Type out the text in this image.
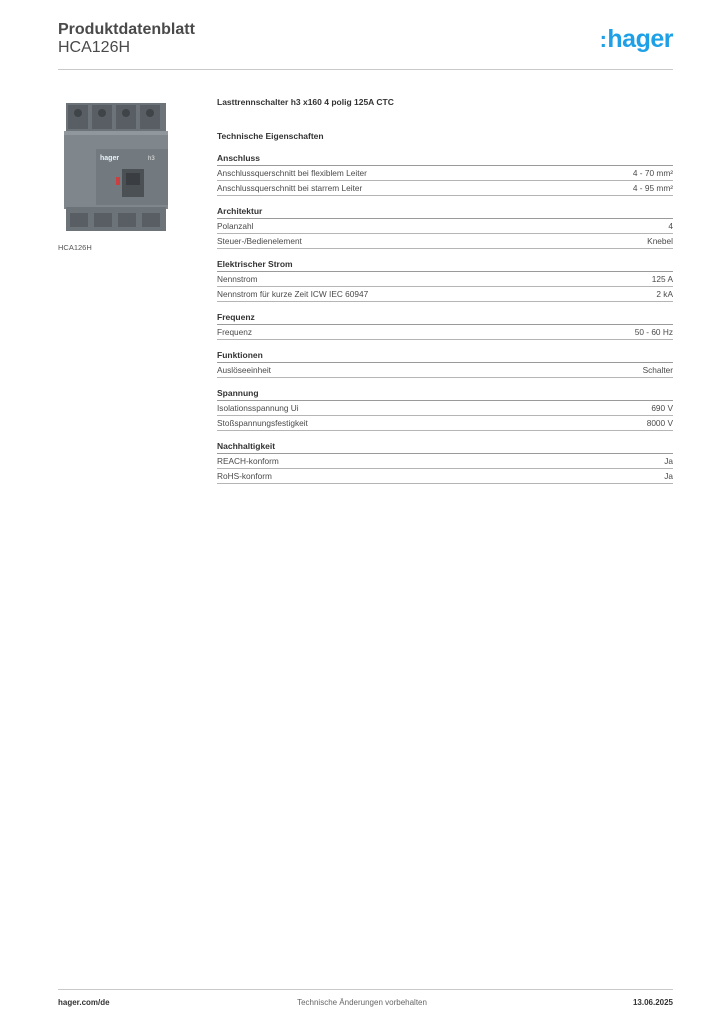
Produktdatenblatt
HCA126H	:hager
hager	h3
HCA126H
Lasttrennschalter h3 x160 4 polig 125A CTC
Technische Eigenschaften
Anschluss
Anschlussquerschnitt bei flexiblem Leiter	4 - 70 mm²
Anschlussquerschnitt bei starrem Leiter	4 - 95 mm²
Architektur
Polanzahl	4
Steuer-/Bedienelement	Knebel
Elektrischer Strom
Nennstrom	125 A
Nennstrom für kurze Zeit ICW IEC 60947	2 kA
Frequenz
Frequenz	50 - 60 Hz
Funktionen
Auslöseeinheit	Schalter
Spannung
Isolationsspannung Ui	690 V
Stoßspannungsfestigkeit	8000 V
Nachhaltigkeit
REACH-konform	Ja
RoHS-konform	Ja
hager.com/de	Technische Änderungen vorbehalten	13.06.2025
